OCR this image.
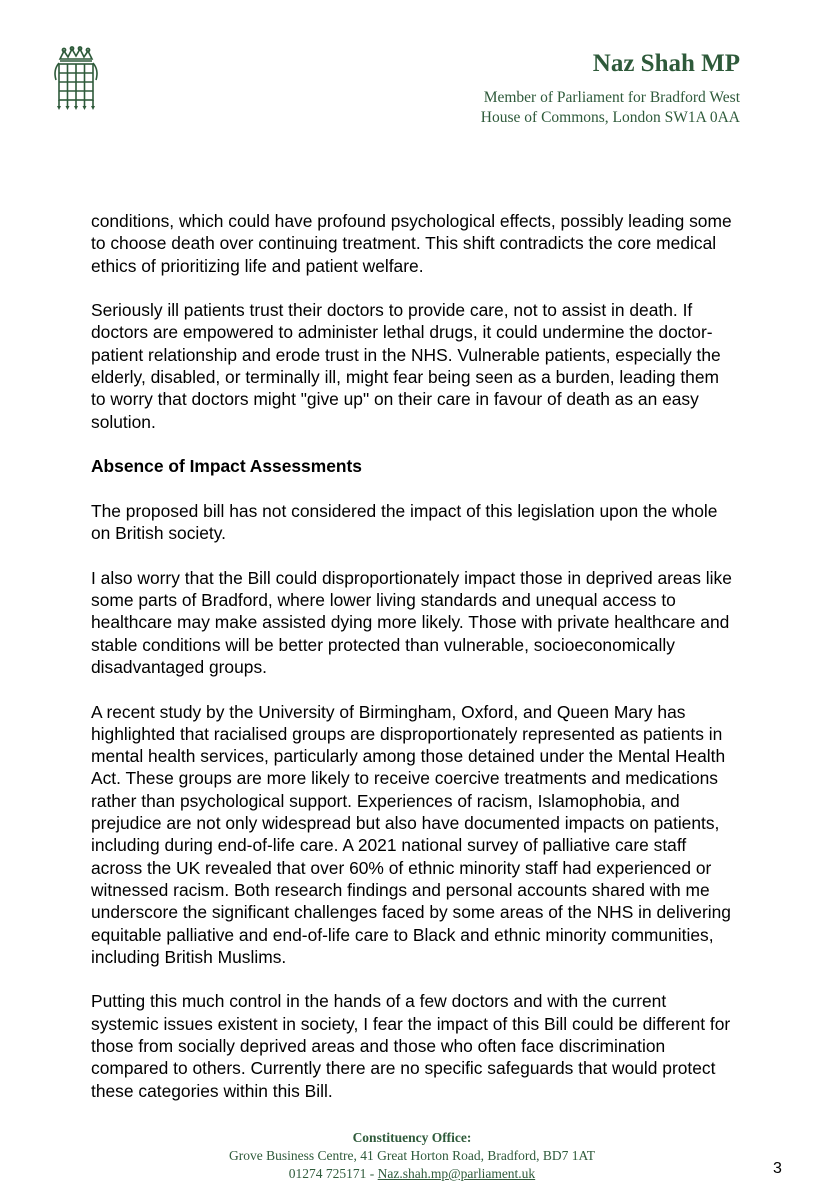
Naz Shah MP
Member of Parliament for Bradford West
House of Commons, London SW1A 0AA

conditions, which could have profound psychological effects, possibly leading some
to choose death over continuing treatment. This shift contradicts the core medical
ethics of prioritizing life and patient welfare.

Seriously ill patients trust their doctors to provide care, not to assist in death. If
doctors are empowered to administer lethal drugs, it could undermine the doctor-
patient relationship and erode trust in the NHS. Vulnerable patients, especially the
elderly, disabled, or terminally ill, might fear being seen as a burden, leading them
to worry that doctors might "give up" on their care in favour of death as an easy
solution.

Absence of Impact Assessments

The proposed bill has not considered the impact of this legislation upon the whole
on British society.

I also worry that the Bill could disproportionately impact those in deprived areas like
some parts of Bradford, where lower living standards and unequal access to
healthcare may make assisted dying more likely. Those with private healthcare and
stable conditions will be better protected than vulnerable, socioeconomically
disadvantaged groups.

A recent study by the University of Birmingham, Oxford, and Queen Mary has
highlighted that racialised groups are disproportionately represented as patients in
mental health services, particularly among those detained under the Mental Health
Act. These groups are more likely to receive coercive treatments and medications
rather than psychological support. Experiences of racism, Islamophobia, and
prejudice are not only widespread but also have documented impacts on patients,
including during end-of-life care. A 2021 national survey of palliative care staff
across the UK revealed that over 60% of ethnic minority staff had experienced or
witnessed racism. Both research findings and personal accounts shared with me
underscore the significant challenges faced by some areas of the NHS in delivering
equitable palliative and end-of-life care to Black and ethnic minority communities,
including British Muslims.

Putting this much control in the hands of a few doctors and with the current
systemic issues existent in society, I fear the impact of this Bill could be different for
those from socially deprived areas and those who often face discrimination
compared to others. Currently there are no specific safeguards that would protect
these categories within this Bill.

Constituency Office:
Grove Business Centre, 41 Great Horton Road, Bradford, BD7 1AT
01274 725171 - Naz.shah.mp@parliament.uk	3
